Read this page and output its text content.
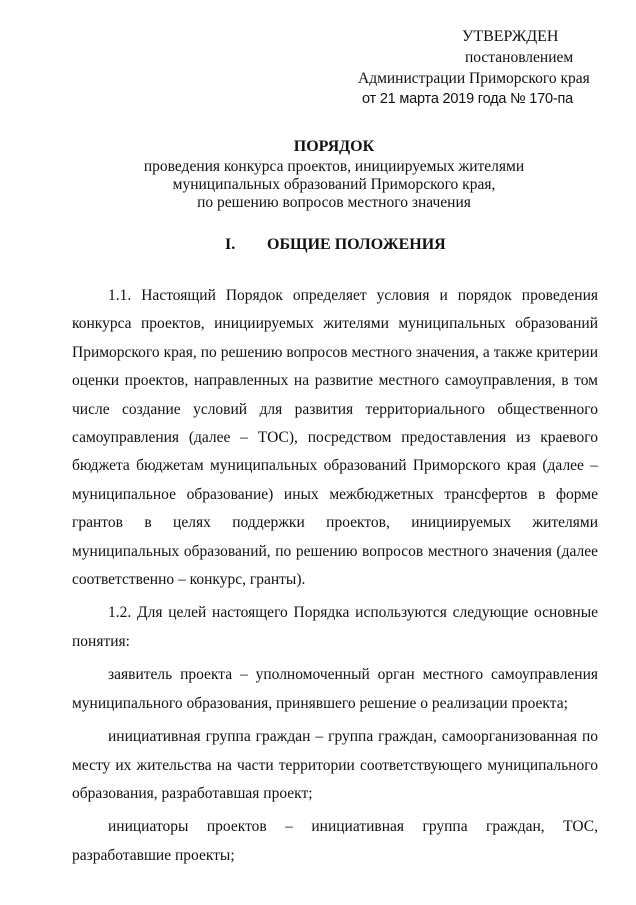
УТВЕРЖДЕН
постановлением
Администрации Приморского края
от 21 марта 2019 года № 170-па
ПОРЯДОК
проведения конкурса проектов, инициируемых жителями
муниципальных образований Приморского края,
по решению вопросов местного значения
I. ОБЩИЕ ПОЛОЖЕНИЯ

1.1. Настоящий Порядок определяет условия и порядок проведения конкурса проектов, инициируемых жителями муниципальных образований Приморского края, по решению вопросов местного значения, а также критерии оценки проектов, направленных на развитие местного самоуправления, в том числе создание условий для развития территориального общественного самоуправления (далее – ТОС), посредством предоставления из краевого бюджета бюджетам муниципальных образований Приморского края (далее – муниципальное образование) иных межбюджетных трансфертов в форме грантов в целях поддержки проектов, инициируемых жителями муниципальных образований, по решению вопросов местного значения (далее соответственно – конкурс, гранты).

1.2. Для целей настоящего Порядка используются следующие основные понятия:

заявитель проекта – уполномоченный орган местного самоуправления муниципального образования, принявшего решение о реализации проекта;

инициативная группа граждан – группа граждан, самоорганизованная по месту их жительства на части территории соответствующего муниципального образования, разработавшая проект;

инициаторы проектов – инициативная группа граждан, ТОС, разработавшие проекты;
